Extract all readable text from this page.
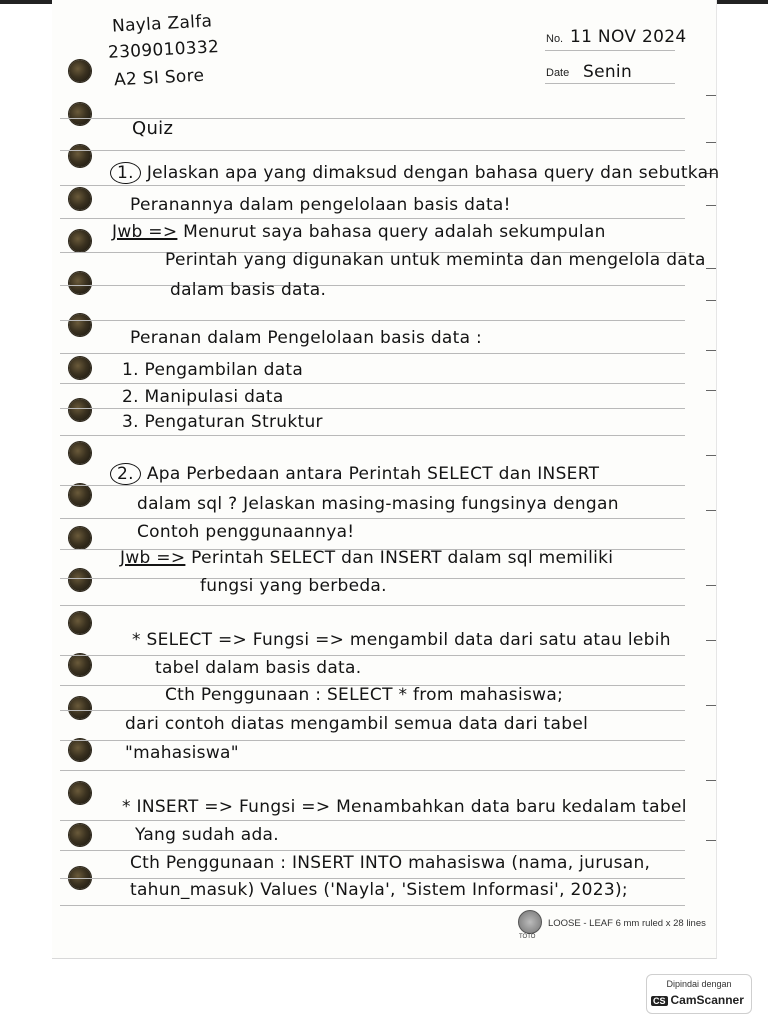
Nayla Zalfa
2309010332
A2 SI Sore
No. 11 NOV 2024
Date Senin
Quiz
1. Jelaskan apa yang dimaksud dengan bahasa query dan sebutkan
Peranannya dalam pengelolaan basis data!
Jwb => Menurut saya bahasa query adalah sekumpulan
Perintah yang digunakan untuk meminta dan mengelola data
dalam basis data.
Peranan dalam Pengelolaan basis data :
1. Pengambilan data
2. Manipulasi data
3. Pengaturan Struktur
2. Apa Perbedaan antara Perintah SELECT dan INSERT
dalam sql ? Jelaskan masing-masing fungsinya dengan
Contoh penggunaannya!
Jwb => Perintah SELECT dan INSERT dalam sql memiliki
fungsi yang berbeda.
* SELECT => Fungsi => mengambil data dari satu atau lebih
tabel dalam basis data.
Cth Penggunaan : SELECT * from mahasiswa;
dari contoh diatas mengambil semua data dari tabel
"mahasiswa"
* INSERT => Fungsi => Menambahkan data baru kedalam tabel
Yang sudah ada.
Cth Penggunaan : INSERT INTO mahasiswa (nama, jurusan,
tahun_masuk) Values ('Nayla', 'Sistem Informasi', 2023);
TOTO
LOOSE - LEAF 6 mm ruled x 28 lines
Dipindai dengan
CS CamScanner
